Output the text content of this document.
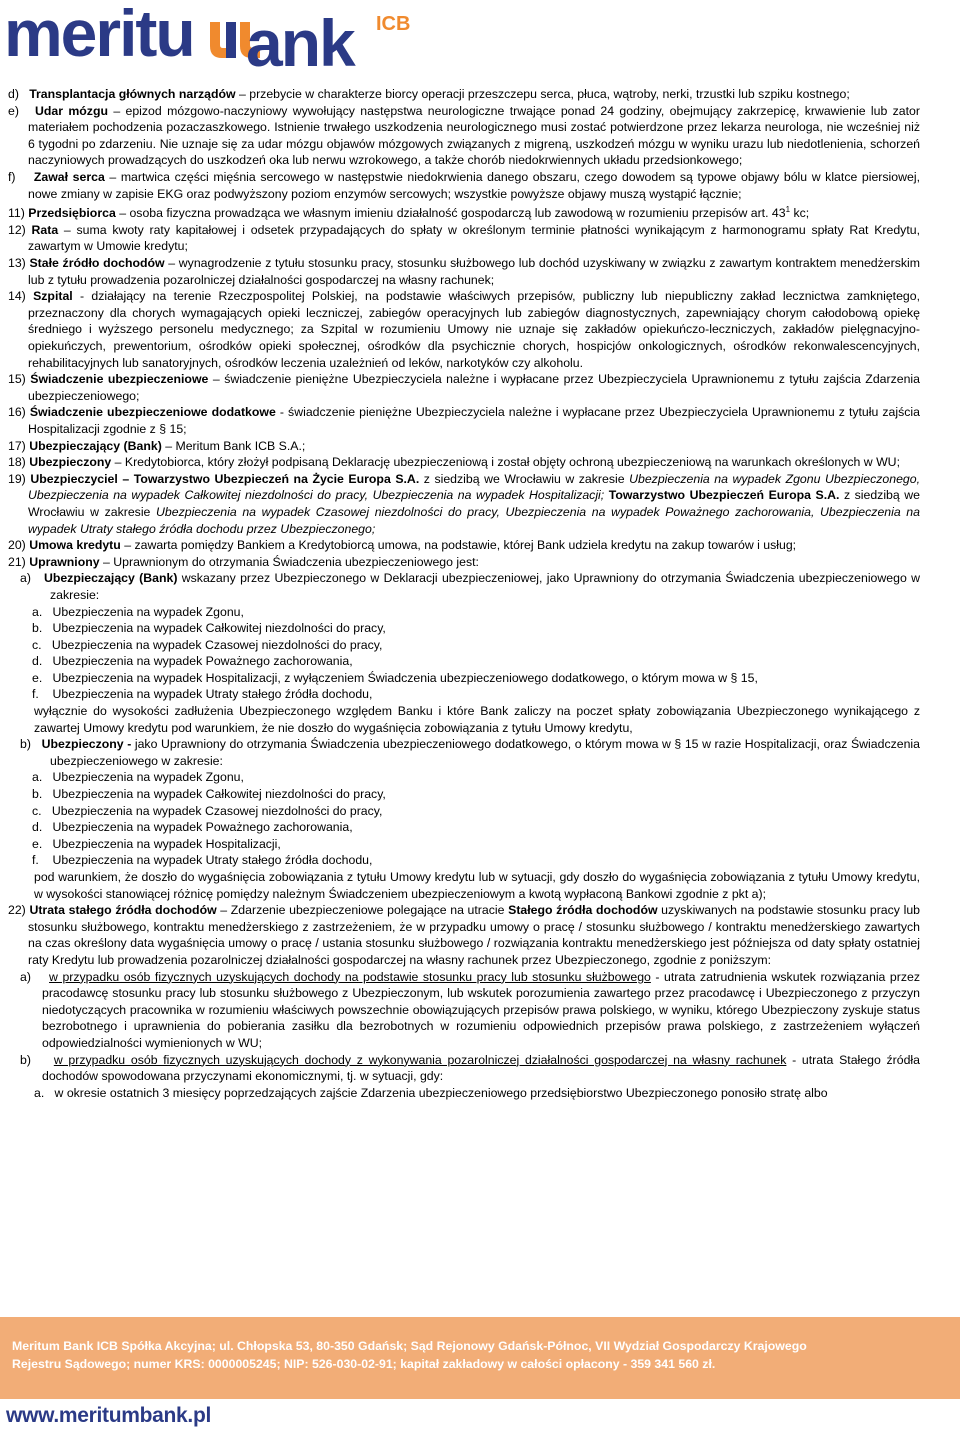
meritu ank ICB

d) Transplantacja głównych narządów – przebycie w charakterze biorcy operacji przeszczepu serca, płuca, wątroby, nerki, trzustki lub szpiku kostnego;

e) Udar mózgu – epizod mózgowo-naczyniowy wywołujący następstwa neurologiczne trwające ponad 24 godziny, obejmujący zakrzepicę, krwawienie lub zator materiałem pochodzenia pozaczaszkowego. Istnienie trwałego uszkodzenia neurologicznego musi zostać potwierdzone przez lekarza neurologa, nie wcześniej niż 6 tygodni po zdarzeniu. Nie uznaje się za udar mózgu objawów mózgowych związanych z migreną, uszkodzeń mózgu w wyniku urazu lub niedotlenienia, schorzeń naczyniowych prowadzących do uszkodzeń oka lub nerwu wzrokowego, a także chorób niedokrwiennych układu przedsionkowego;

f) Zawał serca – martwica części mięśnia sercowego w następstwie niedokrwienia danego obszaru, czego dowodem są typowe objawy bólu w klatce piersiowej, nowe zmiany w zapisie EKG oraz podwyższony poziom enzymów sercowych; wszystkie powyższe objawy muszą wystąpić łącznie;

11) Przedsiębiorca – osoba fizyczna prowadząca we własnym imieniu działalność gospodarczą lub zawodową w rozumieniu przepisów art. $43^1$ kc;

12) Rata – suma kwoty raty kapitałowej i odsetek przypadających do spłaty w określonym terminie płatności wynikającym z harmonogramu spłaty Rat Kredytu, zawartym w Umowie kredytu;

13) Stałe źródło dochodów – wynagrodzenie z tytułu stosunku pracy, stosunku służbowego lub dochód uzyskiwany w związku z zawartym kontraktem menedżerskim lub z tytułu prowadzenia pozarolniczej działalności gospodarczej na własny rachunek;

14) Szpital - działający na terenie Rzeczpospolitej Polskiej, na podstawie właściwych przepisów, publiczny lub niepubliczny zakład lecznictwa zamkniętego, przeznaczony dla chorych wymagających opieki leczniczej, zabiegów operacyjnych lub zabiegów diagnostycznych, zapewniający chorym całodobową opiekę średniego i wyższego personelu medycznego; za Szpital w rozumieniu Umowy nie uznaje się zakładów opiekuńczo-leczniczych, zakładów pielęgnacyjno-opiekuńczych, prewentorium, ośrodków opieki społecznej, ośrodków dla psychicznie chorych, hospicjów onkologicznych, ośrodków rekonwalescencyjnych, rehabilitacyjnych lub sanatoryjnych, ośrodków leczenia uzależnień od leków, narkotyków czy alkoholu.

15) Świadczenie ubezpieczeniowe – świadczenie pieniężne Ubezpieczyciela należne i wypłacane przez Ubezpieczyciela Uprawnionemu z tytułu zajścia Zdarzenia ubezpieczeniowego;

16) Świadczenie ubezpieczeniowe dodatkowe - świadczenie pieniężne Ubezpieczyciela należne i wypłacane przez Ubezpieczyciela Uprawnionemu z tytułu zajścia Hospitalizacji zgodnie z § 15;

17) Ubezpieczający (Bank) – Meritum Bank ICB S.A.;

18) Ubezpieczony – Kredytobiorca, który złożył podpisaną Deklarację ubezpieczeniową i został objęty ochroną ubezpieczeniową na warunkach określonych w WU;

19) Ubezpieczyciel – Towarzystwo Ubezpieczeń na Życie Europa S.A. z siedzibą we Wrocławiu w zakresie Ubezpieczenia na wypadek Zgonu Ubezpieczonego, Ubezpieczenia na wypadek Całkowitej niezdolności do pracy, Ubezpieczenia na wypadek Hospitalizacji; Towarzystwo Ubezpieczeń Europa S.A. z siedzibą we Wrocławiu w zakresie Ubezpieczenia na wypadek Czasowej niezdolności do pracy, Ubezpieczenia na wypadek Poważnego zachorowania, Ubezpieczenia na wypadek Utraty stałego źródła dochodu przez Ubezpieczonego;

20) Umowa kredytu – zawarta pomiędzy Bankiem a Kredytobiorcą umowa, na podstawie, której Bank udziela kredytu na zakup towarów i usług;

21) Uprawniony – Uprawnionym do otrzymania Świadczenia ubezpieczeniowego jest:

a) Ubezpieczający (Bank) wskazany przez Ubezpieczonego w Deklaracji ubezpieczeniowej, jako Uprawniony do otrzymania Świadczenia ubezpieczeniowego w zakresie:

a. Ubezpieczenia na wypadek Zgonu,

b. Ubezpieczenia na wypadek Całkowitej niezdolności do pracy,

c. Ubezpieczenia na wypadek Czasowej niezdolności do pracy,

d. Ubezpieczenia na wypadek Poważnego zachorowania,

e. Ubezpieczenia na wypadek Hospitalizacji, z wyłączeniem Świadczenia ubezpieczeniowego dodatkowego, o którym mowa w § 15,

f. Ubezpieczenia na wypadek Utraty stałego źródła dochodu,

wyłącznie do wysokości zadłużenia Ubezpieczonego względem Banku i które Bank zaliczy na poczet spłaty zobowiązania Ubezpieczonego wynikającego z zawartej Umowy kredytu pod warunkiem, że nie doszło do wygaśnięcia zobowiązania z tytułu Umowy kredytu,

b) Ubezpieczony - jako Uprawniony do otrzymania Świadczenia ubezpieczeniowego dodatkowego, o którym mowa w § 15 w razie Hospitalizacji, oraz Świadczenia ubezpieczeniowego w zakresie:

a. Ubezpieczenia na wypadek Zgonu,

b. Ubezpieczenia na wypadek Całkowitej niezdolności do pracy,

c. Ubezpieczenia na wypadek Czasowej niezdolności do pracy,

d. Ubezpieczenia na wypadek Poważnego zachorowania,

e. Ubezpieczenia na wypadek Hospitalizacji,

f. Ubezpieczenia na wypadek Utraty stałego źródła dochodu,

pod warunkiem, że doszło do wygaśnięcia zobowiązania z tytułu Umowy kredytu lub w sytuacji, gdy doszło do wygaśnięcia zobowiązania z tytułu Umowy kredytu, w wysokości stanowiącej różnicę pomiędzy należnym Świadczeniem ubezpieczeniowym a kwotą wypłaconą Bankowi zgodnie z pkt a);

22) Utrata stałego źródła dochodów – Zdarzenie ubezpieczeniowe polegające na utracie Stałego źródła dochodów uzyskiwanych na podstawie stosunku pracy lub stosunku służbowego, kontraktu menedżerskiego z zastrzeżeniem, że w przypadku umowy o pracę / stosunku służbowego / kontraktu menedżerskiego zawartych na czas określony data wygaśnięcia umowy o pracę / ustania stosunku służbowego / rozwiązania kontraktu menedżerskiego jest późniejsza od daty spłaty ostatniej raty Kredytu lub prowadzenia pozarolniczej działalności gospodarczej na własny rachunek przez Ubezpieczonego, zgodnie z poniższym:

a) w przypadku osób fizycznych uzyskujących dochody na podstawie stosunku pracy lub stosunku służbowego - utrata zatrudnienia wskutek rozwiązania przez pracodawcę stosunku pracy lub stosunku służbowego z Ubezpieczonym, lub wskutek porozumienia zawartego przez pracodawcę i Ubezpieczonego z przyczyn niedotyczących pracownika w rozumieniu właściwych powszechnie obowiązujących przepisów prawa polskiego, w wyniku, którego Ubezpieczony zyskuje status bezrobotnego i uprawnienia do pobierania zasiłku dla bezrobotnych w rozumieniu odpowiednich przepisów prawa polskiego, z zastrzeżeniem wyłączeń odpowiedzialności wymienionych w WU;

b) w przypadku osób fizycznych uzyskujących dochody z wykonywania pozarolniczej działalności gospodarczej na własny rachunek - utrata Stałego źródła dochodów spowodowana przyczynami ekonomicznymi, tj. w sytuacji, gdy:

a. w okresie ostatnich 3 miesięcy poprzedzających zajście Zdarzenia ubezpieczeniowego przedsiębiorstwo Ubezpieczonego ponosiło stratę albo

Meritum Bank ICB Spółka Akcyjna; ul. Chłopska 53, 80-350 Gdańsk; Sąd Rejonowy Gdańsk-Północ, VII Wydział Gospodarczy Krajowego
Rejestru Sądowego; numer KRS: 0000005245; NIP: 526-030-02-91; kapitał zakładowy w całości opłacony - 359 341 560 zł.
www.meritumbank.pl
